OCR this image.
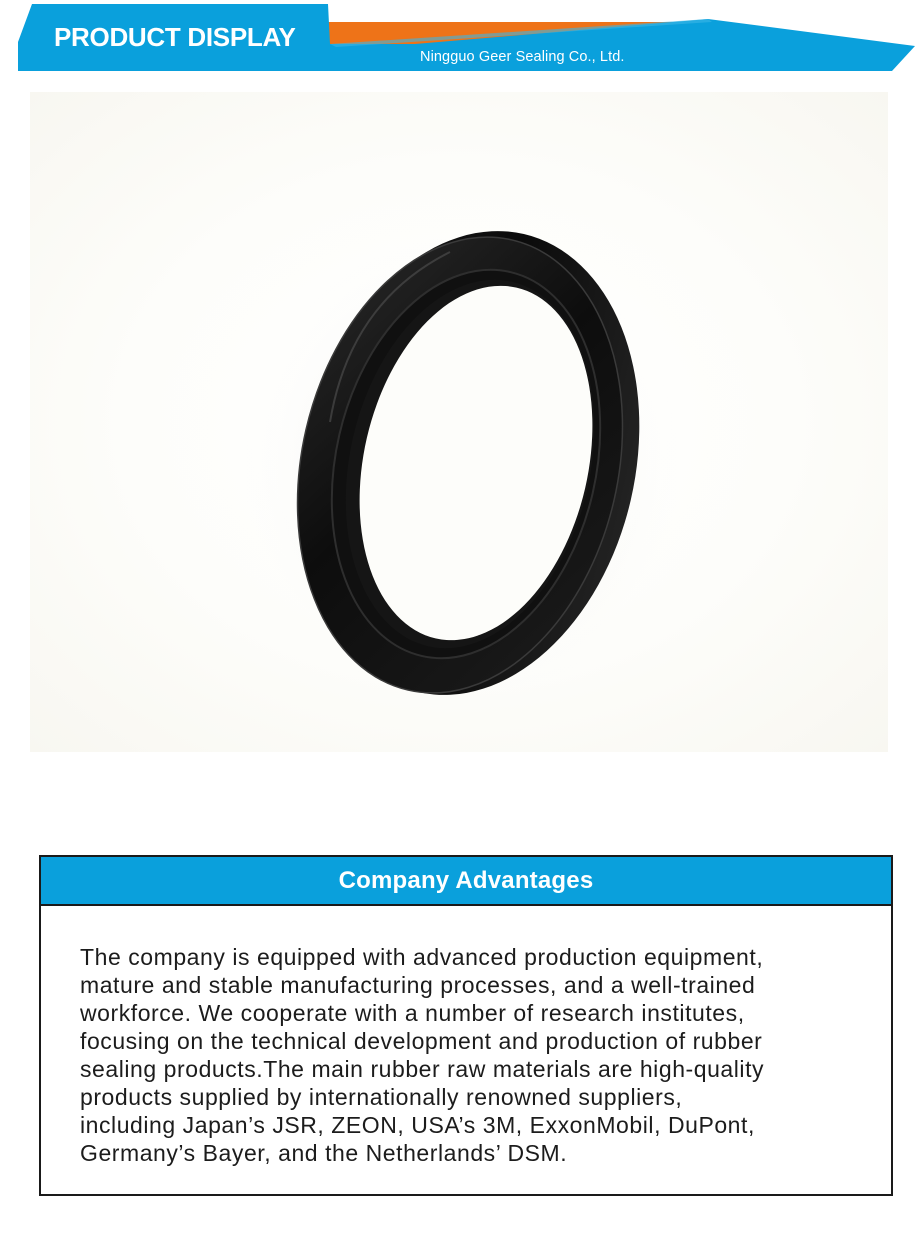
PRODUCT DISPLAY
Ningguo Geer Sealing Co., Ltd.
Company Advantages
The company is equipped with advanced production equipment,
mature and stable manufacturing processes, and a well-trained
workforce. We cooperate with a number of research institutes,
focusing on the technical development and production of rubber
sealing products.The main rubber raw materials are high-quality
products supplied by internationally renowned suppliers,
including Japan’s JSR, ZEON, USA’s 3M, ExxonMobil, DuPont,
Germany’s Bayer, and the Netherlands’ DSM.
